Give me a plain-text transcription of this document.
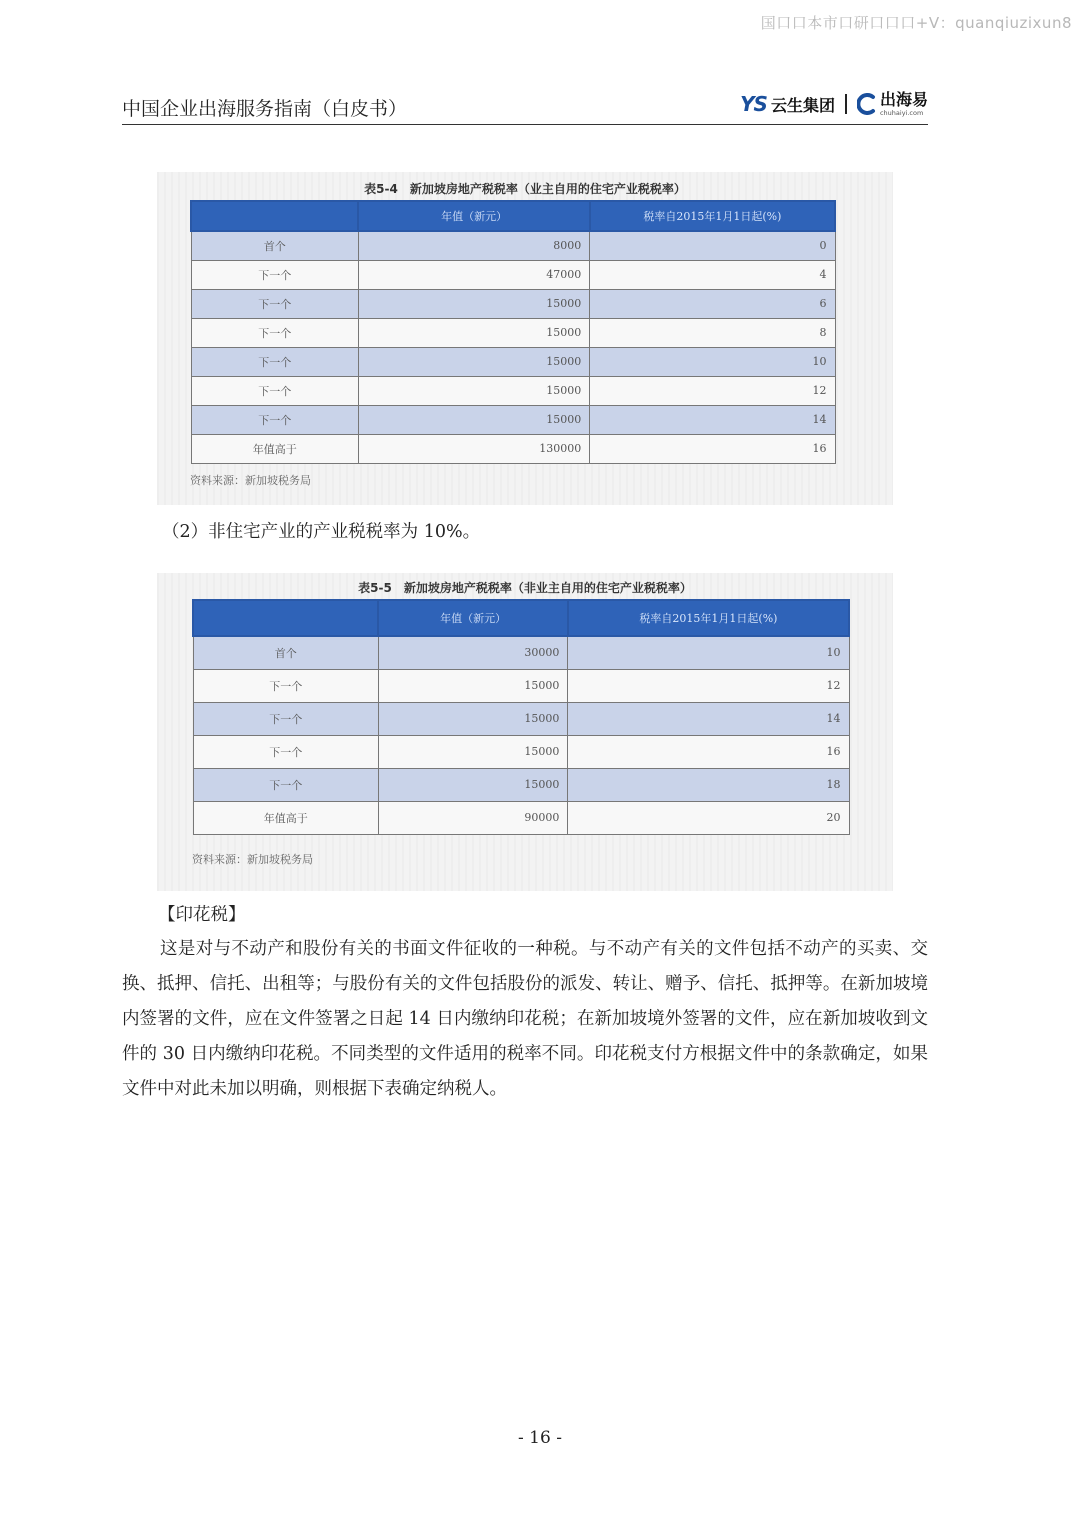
国口口本市口研口口口+V：quanqiuzixun8
中国企业出海服务指南（白皮书）	YS 云生集团	出海易
chuhaiyi.com
表5-4　新加坡房地产税税率（业主自用的住宅产业税税率）
	年值（新元）	税率自2015年1月1日起(%)
首个	8000	0
下一个	47000	4
下一个	15000	6
下一个	15000	8
下一个	15000	10
下一个	15000	12
下一个	15000	14
年值高于	130000	16
资料来源：新加坡税务局

（2）非住宅产业的产业税税率为 10%。

表5-5　新加坡房地产税税率（非业主自用的住宅产业税税率）
	年值（新元）	税率自2015年1月1日起(%)
首个	30000	10
下一个	15000	12
下一个	15000	14
下一个	15000	16
下一个	15000	18
年值高于	90000	20
资料来源：新加坡税务局

【印花税】

这是对与不动产和股份有关的书面文件征收的一种税。与不动产有关的文件包括不动产的买卖、交换、抵押、信托、出租等；与股份有关的文件包括股份的派发、转让、赠予、信托、抵押等。在新加坡境内签署的文件，应在文件签署之日起 14 日内缴纳印花税；在新加坡境外签署的文件，应在新加坡收到文件的 30 日内缴纳印花税。不同类型的文件适用的税率不同。印花税支付方根据文件中的条款确定，如果文件中对此未加以明确，则根据下表确定纳税人。

- 16 -
